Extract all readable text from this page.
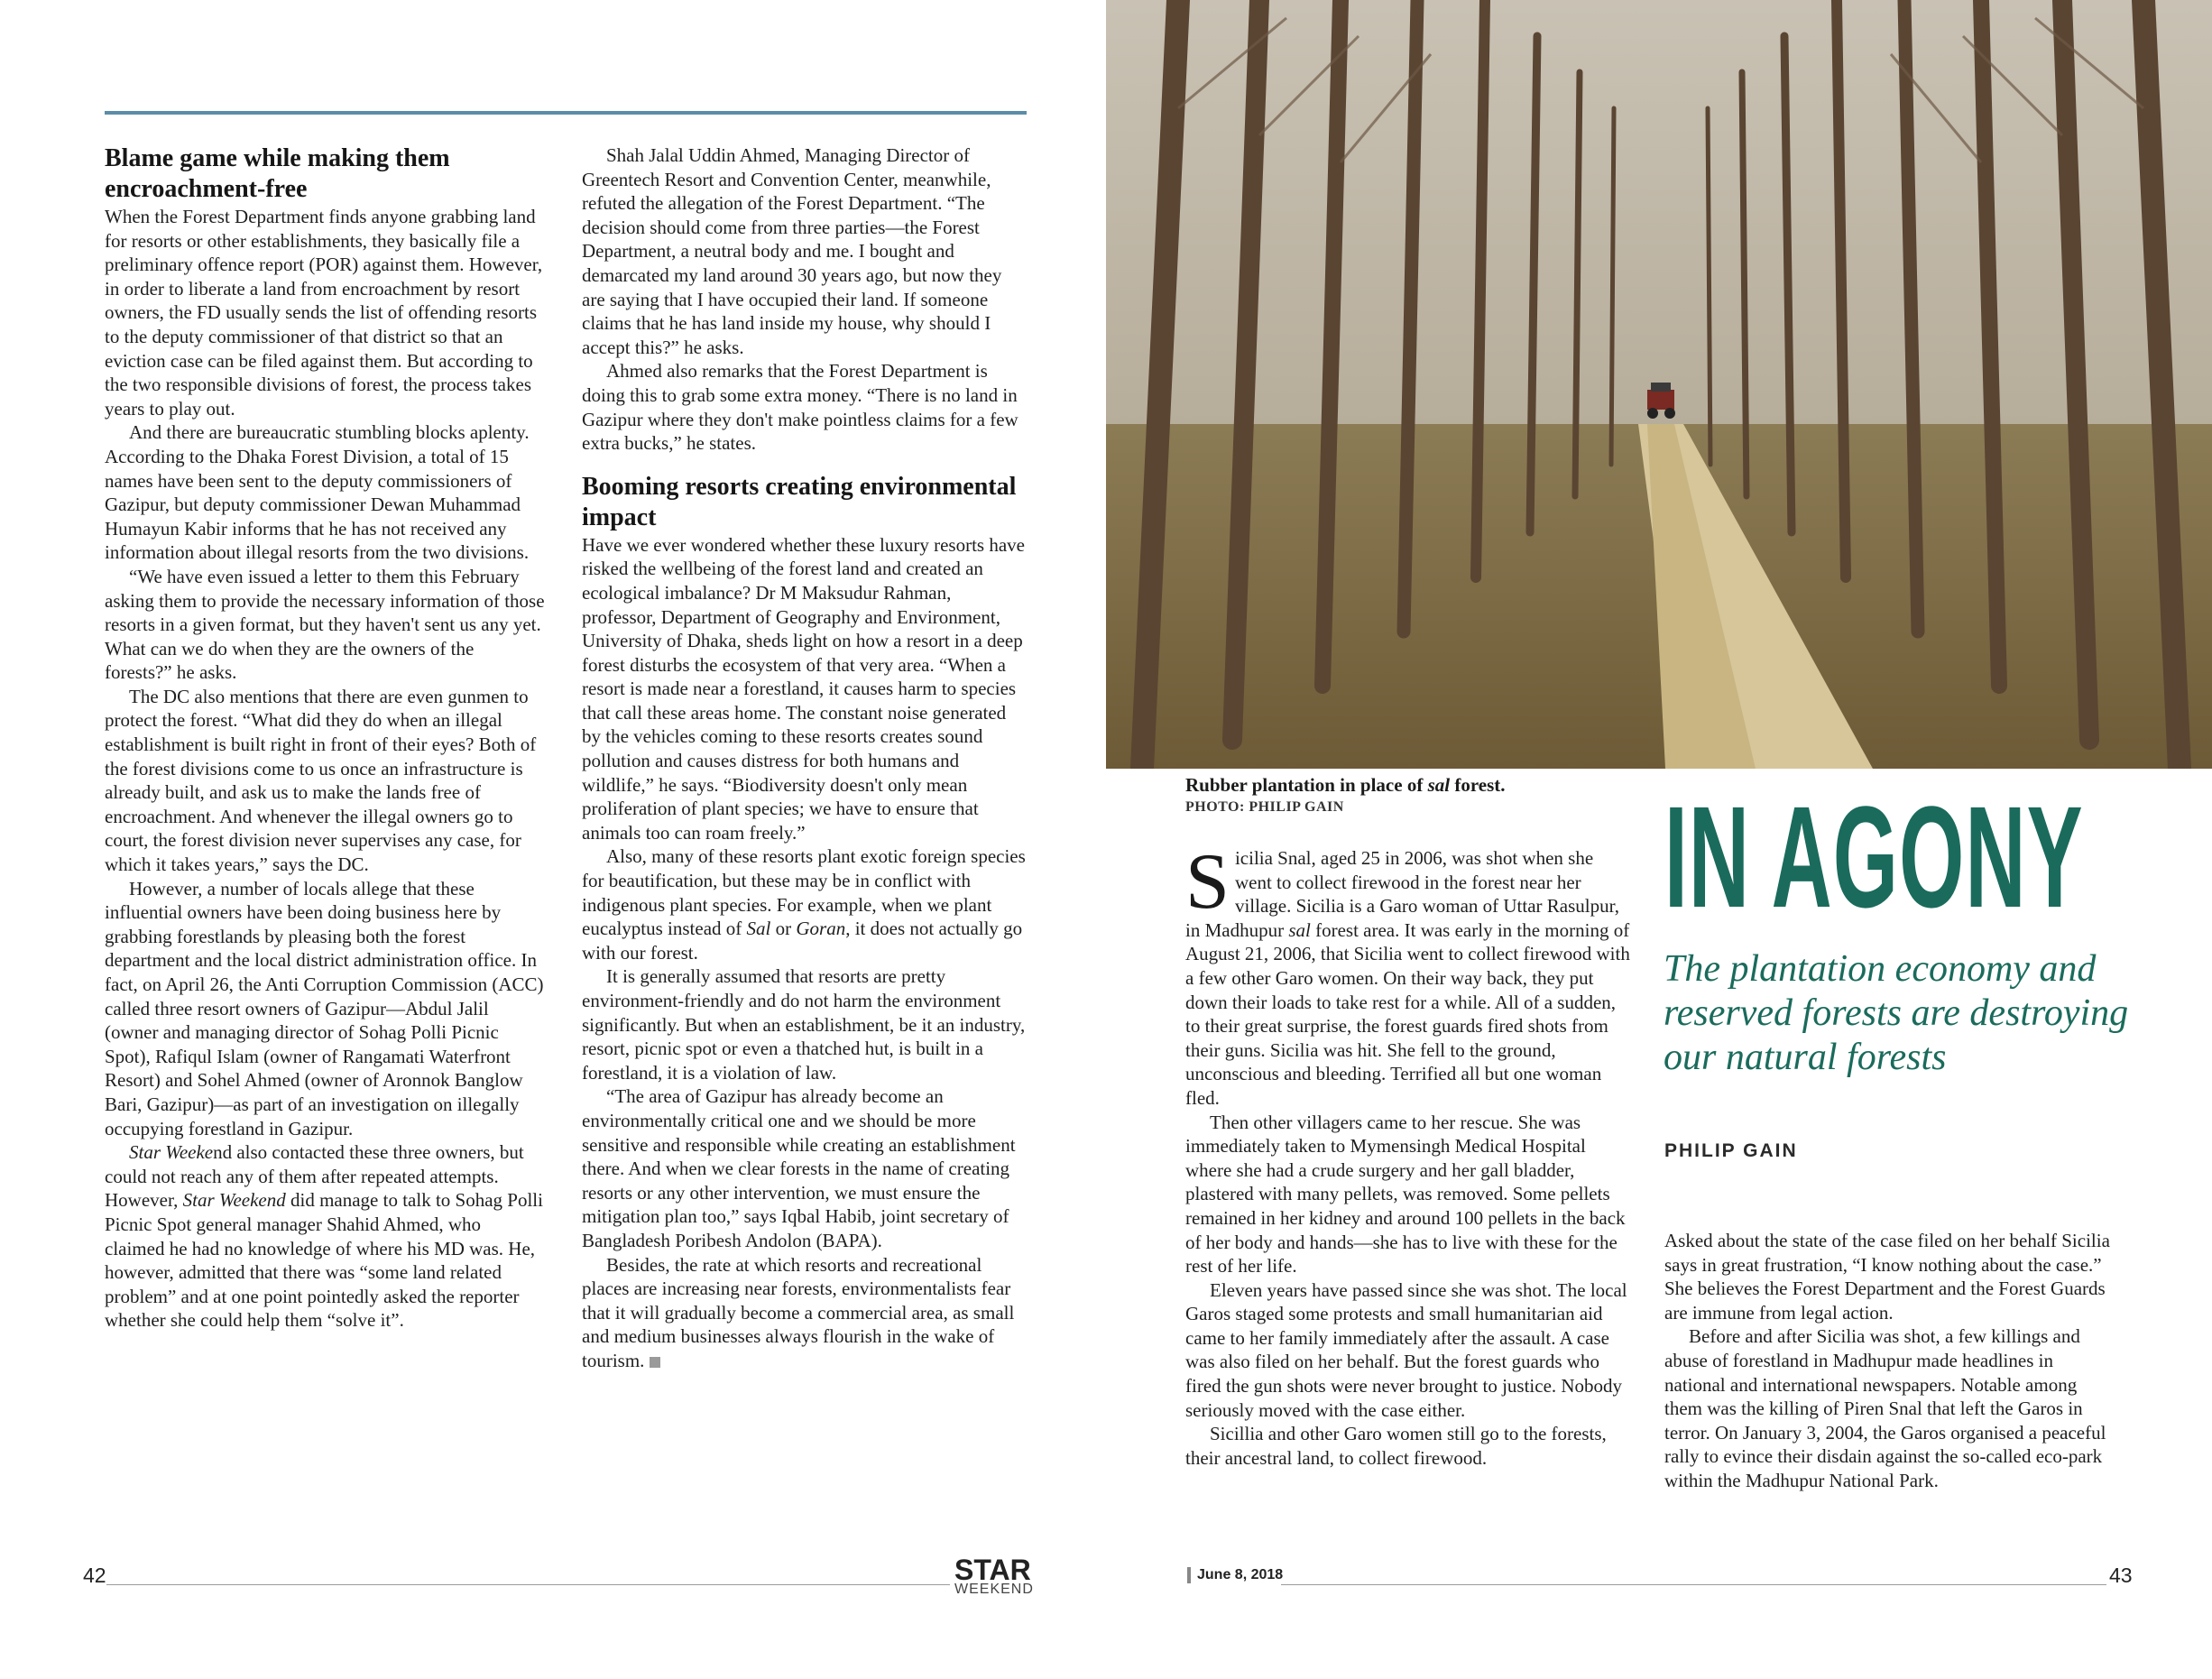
Blame game while making them encroachment-free

When the Forest Department finds anyone grabbing land for resorts or other establishments, they basically file a preliminary offence report (POR) against them. However, in order to liberate a land from encroachment by resort owners, the FD usually sends the list of offending resorts to the deputy commissioner of that district so that an eviction case can be filed against them. But according to the two responsible divisions of forest, the process takes years to play out.

And there are bureaucratic stumbling blocks aplenty. According to the Dhaka Forest Division, a total of 15 names have been sent to the deputy commissioners of Gazipur, but deputy commissioner Dewan Muhammad Humayun Kabir informs that he has not received any information about illegal resorts from the two divisions.

“We have even issued a letter to them this February asking them to provide the necessary information of those resorts in a given format, but they haven't sent us any yet. What can we do when they are the owners of the forests?” he asks.

The DC also mentions that there are even gunmen to protect the forest. “What did they do when an illegal establishment is built right in front of their eyes? Both of the forest divisions come to us once an infrastructure is already built, and ask us to make the lands free of encroachment. And whenever the illegal owners go to court, the forest division never supervises any case, for which it takes years,” says the DC.

However, a number of locals allege that these influential owners have been doing business here by grabbing forestlands by pleasing both the forest department and the local district administration office. In fact, on April 26, the Anti Corruption Commission (ACC) called three resort owners of Gazipur—Abdul Jalil (owner and managing director of Sohag Polli Picnic Spot), Rafiqul Islam (owner of Rangamati Waterfront Resort) and Sohel Ahmed (owner of Aronnok Banglow Bari, Gazipur)—as part of an investigation on illegally occupying forestland in Gazipur.

Star Weekend also contacted these three owners, but could not reach any of them after repeated attempts. However, Star Weekend did manage to talk to Sohag Polli Picnic Spot general manager Shahid Ahmed, who claimed he had no knowledge of where his MD was. He, however, admitted that there was “some land related problem” and at one point pointedly asked the reporter whether she could help them “solve it”.

Shah Jalal Uddin Ahmed, Managing Director of Greentech Resort and Convention Center, meanwhile, refuted the allegation of the Forest Department. “The decision should come from three parties—the Forest Department, a neutral body and me. I bought and demarcated my land around 30 years ago, but now they are saying that I have occupied their land. If someone claims that he has land inside my house, why should I accept this?” he asks.

Ahmed also remarks that the Forest Department is doing this to grab some extra money. “There is no land in Gazipur where they don't make pointless claims for a few extra bucks,” he states.

Booming resorts creating environmental impact

Have we ever wondered whether these luxury resorts have risked the wellbeing of the forest land and created an ecological imbalance? Dr M Maksudur Rahman, professor, Department of Geography and Environment, University of Dhaka, sheds light on how a resort in a deep forest disturbs the ecosystem of that very area. “When a resort is made near a forestland, it causes harm to species that call these areas home. The constant noise generated by the vehicles coming to these resorts creates sound pollution and causes distress for both humans and wildlife,” he says. “Biodiversity doesn't only mean proliferation of plant species; we have to ensure that animals too can roam freely.”

Also, many of these resorts plant exotic foreign species for beautification, but these may be in conflict with indigenous plant species. For example, when we plant eucalyptus instead of Sal or Goran, it does not actually go with our forest.

It is generally assumed that resorts are pretty environment-friendly and do not harm the environment significantly. But when an establishment, be it an industry, resort, picnic spot or even a thatched hut, is built in a forestland, it is a violation of law.

“The area of Gazipur has already become an environmentally critical one and we should be more sensitive and responsible while creating an establishment there. And when we clear forests in the name of creating resorts or any other intervention, we must ensure the mitigation plan too,” says Iqbal Habib, joint secretary of Bangladesh Poribesh Andolon (BAPA).

Besides, the rate at which resorts and recreational places are increasing near forests, environmentalists fear that it will gradually become a commercial area, as small and medium businesses always flourish in the wake of tourism.

42	STAR
WEEKEND
Rubber plantation in place of sal forest.
PHOTO: PHILIP GAIN IN AGONY
The plantation economy and reserved forests are destroying our natural forests
PHILIP GAIN

Sicilia Snal, aged 25 in 2006, was shot when she went to collect firewood in the forest near her village. Sicilia is a Garo woman of Uttar Rasulpur, in Madhupur sal forest area. It was early in the morning of August 21, 2006, that Sicilia went to collect firewood with a few other Garo women. On their way back, they put down their loads to take rest for a while. All of a sudden, to their great surprise, the forest guards fired shots from their guns. Sicilia was hit. She fell to the ground, unconscious and bleeding. Terrified all but one woman fled.

Then other villagers came to her rescue. She was immediately taken to Mymensingh Medical Hospital where she had a crude surgery and her gall bladder, plastered with many pellets, was removed. Some pellets remained in her kidney and around 100 pellets in the back of her body and hands—she has to live with these for the rest of her life.

Eleven years have passed since she was shot. The local Garos staged some protests and small humanitarian aid came to her family immediately after the assault. A case was also filed on her behalf. But the forest guards who fired the gun shots were never brought to justice. Nobody seriously moved with the case either.

Sicillia and other Garo women still go to the forests, their ancestral land, to collect firewood.

Asked about the state of the case filed on her behalf Sicilia says in great frustration, “I know nothing about the case.” She believes the Forest Department and the Forest Guards are immune from legal action.

Before and after Sicilia was shot, a few killings and abuse of forestland in Madhupur made headlines in national and international newspapers. Notable among them was the killing of Piren Snal that left the Garos in terror. On January 3, 2004, the Garos organised a peaceful rally to evince their disdain against the so-called eco-park within the Madhupur National Park.

June 8, 2018	43
